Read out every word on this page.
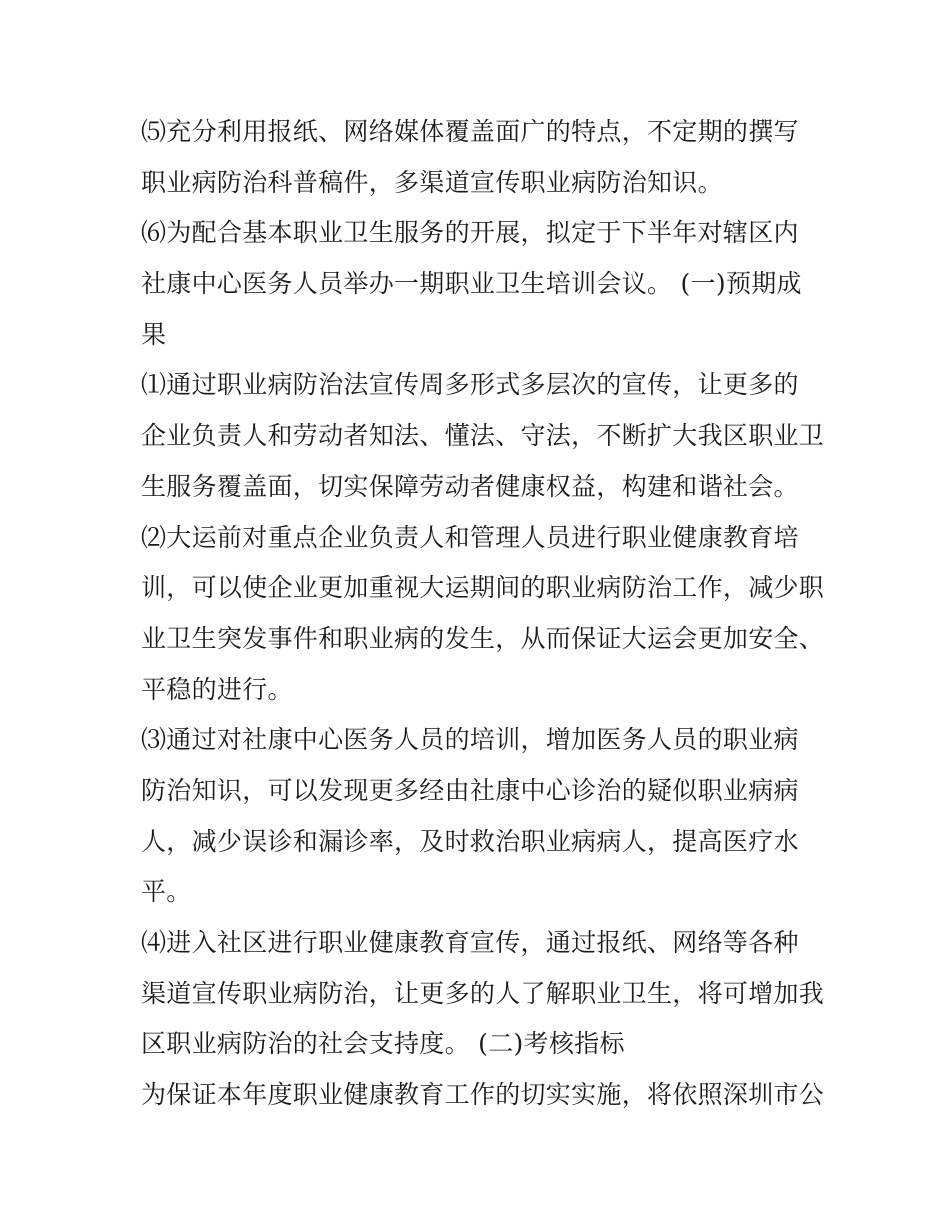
⑸充分利用报纸、网络媒体覆盖面广的特点，不定期的撰写
职业病防治科普稿件，多渠道宣传职业病防治知识。
⑹为配合基本职业卫生服务的开展，拟定于下半年对辖区内
社康中心医务人员举办一期职业卫生培训会议。 (一)预期成
果
⑴通过职业病防治法宣传周多形式多层次的宣传，让更多的
企业负责人和劳动者知法、懂法、守法，不断扩大我区职业卫
生服务覆盖面，切实保障劳动者健康权益，构建和谐社会。
⑵大运前对重点企业负责人和管理人员进行职业健康教育培
训，可以使企业更加重视大运期间的职业病防治工作，减少职
业卫生突发事件和职业病的发生，从而保证大运会更加安全、
平稳的进行。
⑶通过对社康中心医务人员的培训，增加医务人员的职业病
防治知识，可以发现更多经由社康中心诊治的疑似职业病病
人，减少误诊和漏诊率，及时救治职业病病人，提高医疗水
平。
⑷进入社区进行职业健康教育宣传，通过报纸、网络等各种
渠道宣传职业病防治，让更多的人了解职业卫生，将可增加我
区职业病防治的社会支持度。 (二)考核指标
为保证本年度职业健康教育工作的切实实施，将依照深圳市公
